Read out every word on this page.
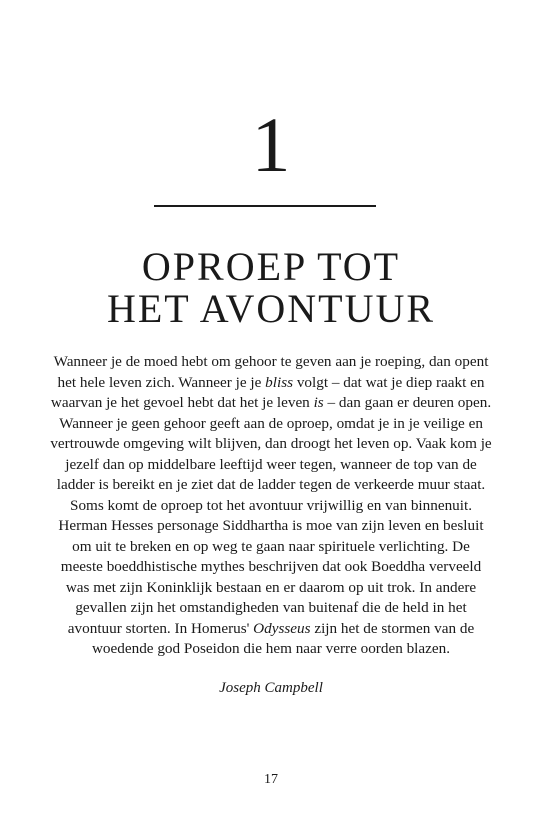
1
OPROEP TOT
HET AVONTUUR

Wanneer je de moed hebt om gehoor te geven aan je roeping, dan opent het hele leven zich. Wanneer je je bliss volgt – dat wat je diep raakt en waarvan je het gevoel hebt dat het je leven is – dan gaan er deuren open.

Wanneer je geen gehoor geeft aan de oproep, omdat je in je veilige en vertrouwde omgeving wilt blijven, dan droogt het leven op. Vaak kom je jezelf dan op middelbare leeftijd weer tegen, wanneer de top van de ladder is bereikt en je ziet dat de ladder tegen de verkeerde muur staat.

Soms komt de oproep tot het avontuur vrijwillig en van binnenuit. Herman Hesses personage Siddhartha is moe van zijn leven en besluit om uit te breken en op weg te gaan naar spirituele verlichting. De meeste boeddhistische mythes beschrijven dat ook Boeddha verveeld was met zijn Koninklijk bestaan en er daarom op uit trok. In andere gevallen zijn het omstandigheden van buitenaf die de held in het avontuur storten. In Homerus' Odysseus zijn het de stormen van de woedende god Poseidon die hem naar verre oorden blazen.

Joseph Campbell
17
